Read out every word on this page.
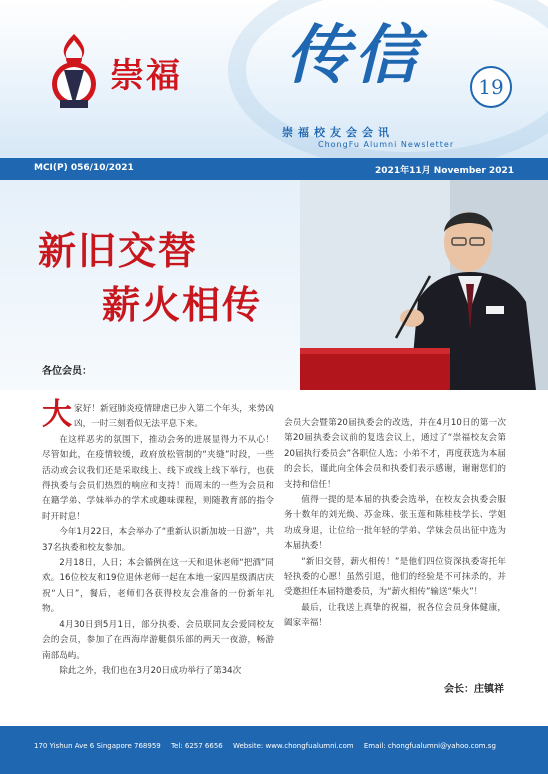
崇福 传信	19
崇福校友会会讯
ChongFu Alumni Newsletter
MCI(P) 056/10/2021	2021年11月 November 2021
新旧交替
薪火相传
各位会员：

大家好！新冠肺炎疫情肆虐已步入第二个年头，来势凶凶，一时三刻看似无法平息下来。

在这样恶劣的氛围下，推动会务的进展显得力不从心！尽管如此，在疫情较缓，政府放松管制的“夹缝”时段，一些活动或会议我们还是采取线上、线下或线上线下举行，也获得执委与会员们热烈的响应和支持！而周末的一些为会员和在籍学弟、学妹举办的学术或趣味课程，则随教育部的指令时开时息！

今年1月22日，本会举办了“重新认识新加坡一日游”，共37名执委和校友参加。

2月18日，人日；本会循例在这一天和退休老师“把酒”同欢。16位校友和19位退休老师一起在本地一家四星级酒店庆祝“人日”，餐后，老师们各获得校友会准备的一份新年礼物。

4月30日到5月1日，部分执委、会员联同友会爱同校友会的会员，参加了在西海岸游艇俱乐部的两天一夜游，畅游南部岛屿。

除此之外，我们也在3月20日成功举行了第34次

会员大会暨第20届执委会的改选，并在4月10日的第一次第20届执委会议前的复选会议上，通过了“崇福校友会第20届执行委员会”各职位人选；小弟不才，再度获选为本届的会长，谨此向全体会员和执委们表示感谢，谢谢您们的支持和信任！

值得一提的是本届的执委会选举，在校友会执委会服务十数年的刘光焕、苏金珠、张玉莲和陈桂枝学长、学姐功成身退，让位给一批年轻的学弟、学妹会员出征中选为本届执委！

“新旧交替，薪火相传！”是他们四位资深执委寄托年轻执委的心愿！虽然引退，他们的经验是不可抹杀的，并受邀担任本届特邀委员，为“薪火相传”输送“柴火”！

最后，让我送上真挚的祝福，祝各位会员身体健康，阖家幸福！

会长：庄镇祥
170 Yishun Ave 6 Singapore 768959 Tel: 6257 6656 Website: www.chongfualumni.com Email: chongfualumni@yahoo.com.sg
